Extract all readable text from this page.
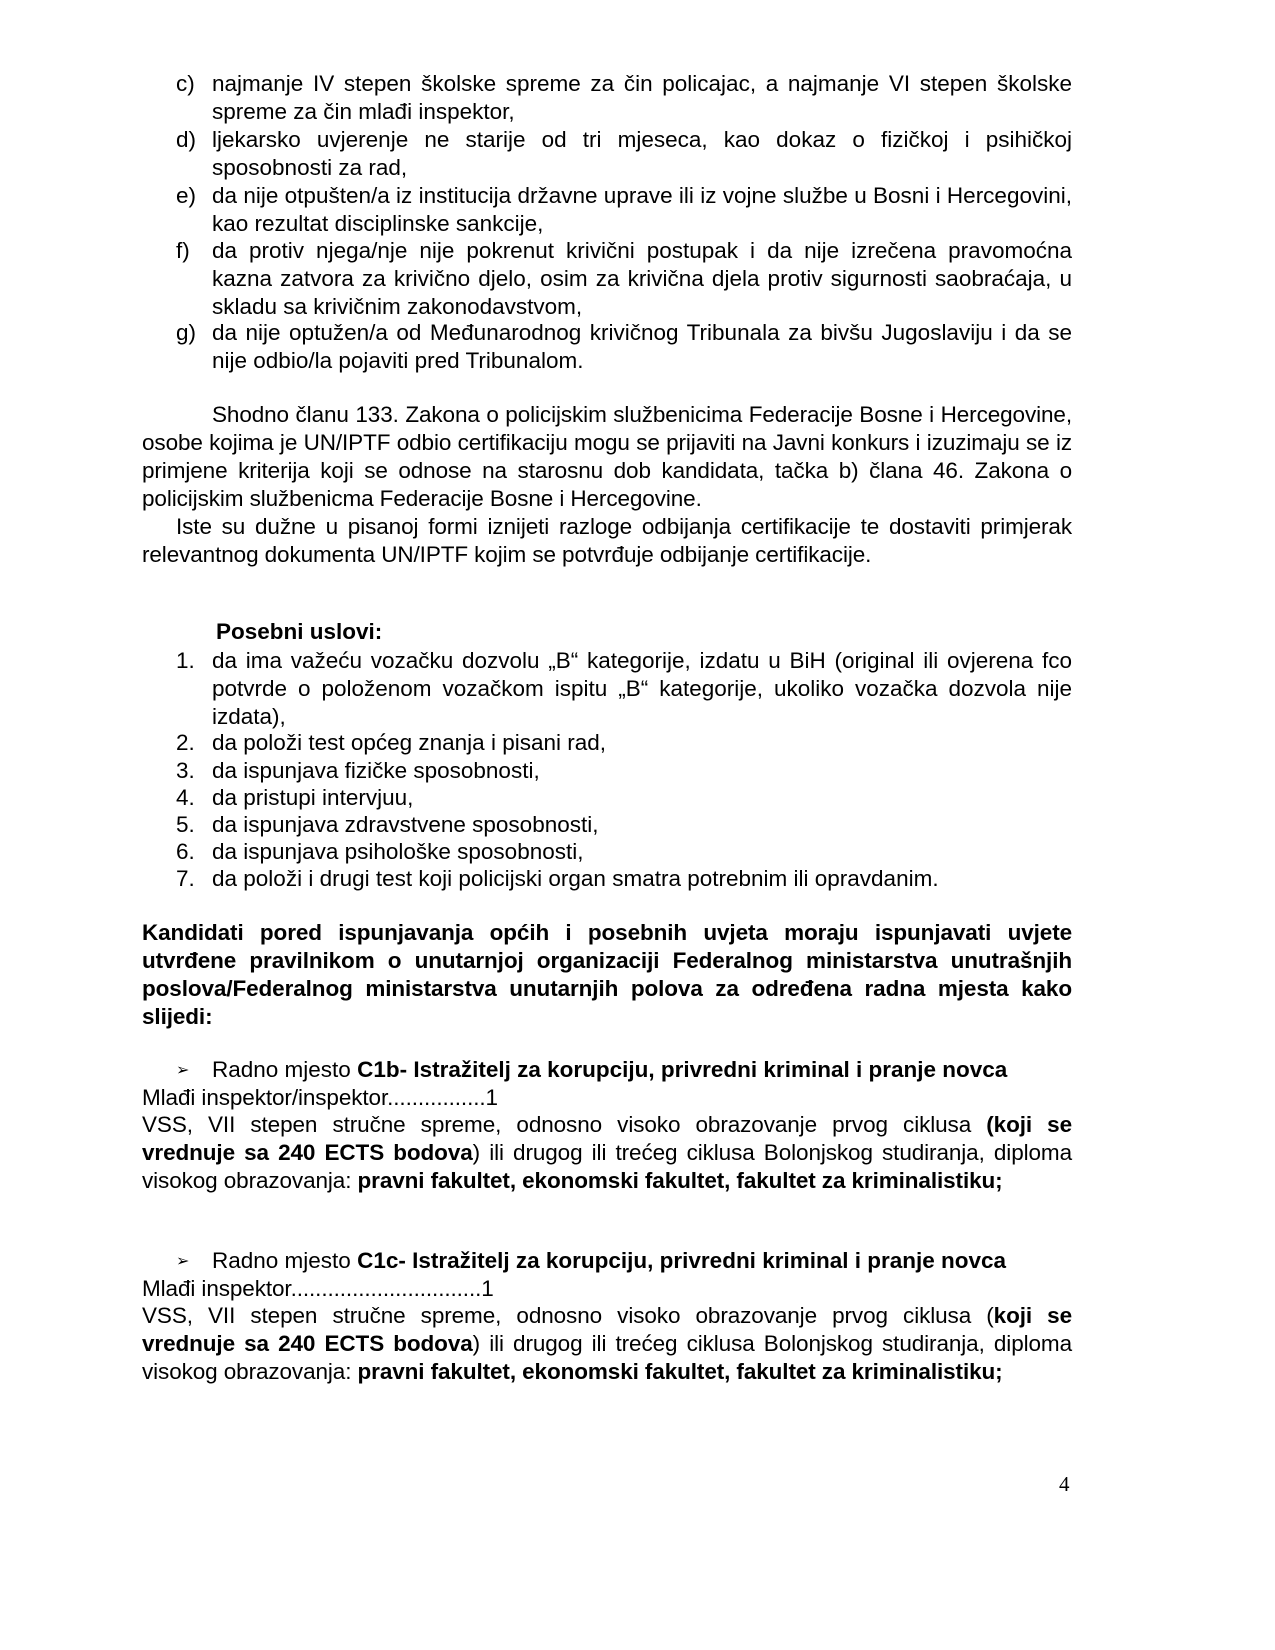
c) najmanje IV stepen školske spreme za čin policajac, a najmanje VI stepen školske spreme za čin mlađi inspektor,
d) ljekarsko uvjerenje ne starije od tri mjeseca, kao dokaz o fizičkoj i psihičkoj sposobnosti za rad,
e) da nije otpušten/a iz institucija državne uprave ili iz vojne službe u Bosni i Hercegovini, kao rezultat disciplinske sankcije,
f) da protiv njega/nje nije pokrenut krivični postupak i da nije izrečena pravomoćna kazna zatvora za krivično djelo, osim za krivična djela protiv sigurnosti saobraćaja, u skladu sa krivičnim zakonodavstvom,
g) da nije optužen/a od Međunarodnog krivičnog Tribunala za bivšu Jugoslaviju i da se nije odbio/la pojaviti pred Tribunalom.
Shodno članu 133. Zakona o policijskim službenicima Federacije Bosne i Hercegovine, osobe kojima je UN/IPTF odbio certifikaciju mogu se prijaviti na Javni konkurs i izuzimaju se iz primjene kriterija koji se odnose na starosnu dob kandidata, tačka b) člana 46. Zakona o policijskim službenicma Federacije Bosne i Hercegovine.
Iste su dužne u pisanoj formi iznijeti razloge odbijanja certifikacije te dostaviti primjerak relevantnog dokumenta UN/IPTF kojim se potvrđuje odbijanje certifikacije.
Posebni uslovi:
1. da ima važeću vozačku dozvolu „B“ kategorije, izdatu u BiH (original ili ovjerena fco potvrde o položenom vozačkom ispitu „B“ kategorije, ukoliko vozačka dozvola nije izdata),
2. da položi test općeg znanja i pisani rad,
3. da ispunjava fizičke sposobnosti,
4. da pristupi intervjuu,
5. da ispunjava zdravstvene sposobnosti,
6. da ispunjava psihološke sposobnosti,
7. da položi i drugi test koji policijski organ smatra potrebnim ili opravdanim.
Kandidati pored ispunjavanja općih i posebnih uvjeta moraju ispunjavati uvjete utvrđene pravilnikom o unutarnjoj organizaciji Federalnog ministarstva unutrašnjih poslova/Federalnog ministarstva unutarnjih polova za određena radna mjesta kako slijedi:
➢ Radno mjesto C1b- Istražitelj za korupciju, privredni kriminal i pranje novca
Mlađi inspektor/inspektor................1
VSS, VII stepen stručne spreme, odnosno visoko obrazovanje prvog ciklusa (koji se vrednuje sa 240 ECTS bodova) ili drugog ili trećeg ciklusa Bolonjskog studiranja, diploma visokog obrazovanja: pravni fakultet, ekonomski fakultet, fakultet za kriminalistiku;
➢ Radno mjesto C1c- Istražitelj za korupciju, privredni kriminal i pranje novca
Mlađi inspektor...............................1
VSS, VII stepen stručne spreme, odnosno visoko obrazovanje prvog ciklusa (koji se vrednuje sa 240 ECTS bodova) ili drugog ili trećeg ciklusa Bolonjskog studiranja, diploma visokog obrazovanja: pravni fakultet, ekonomski fakultet, fakultet za kriminalistiku;
4
